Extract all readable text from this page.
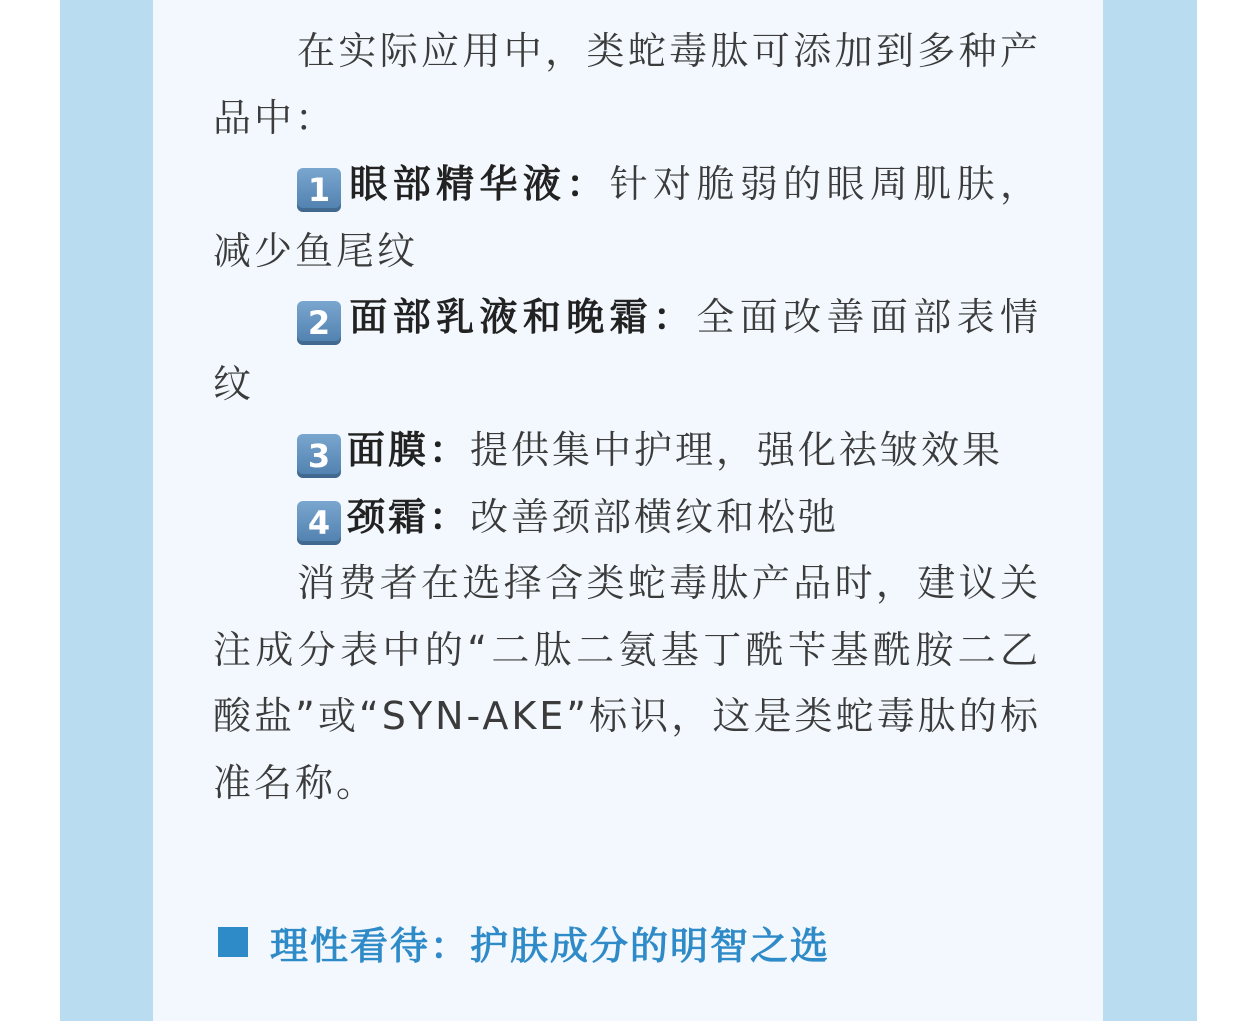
在实际应用中，类蛇毒肽可添加到多种产品中：

1 眼部精华液：针对脆弱的眼周肌肤，减少鱼尾纹

2 面部乳液和晚霜：全面改善面部表情纹

3 面膜：提供集中护理，强化祛皱效果

4 颈霜：改善颈部横纹和松弛

消费者在选择含类蛇毒肽产品时，建议关注成分表中的“二肽二氨基丁酰苄基酰胺二乙酸盐”或“SYN-AKE”标识，这是类蛇毒肽的标准名称。

理性看待：护肤成分的明智之选
